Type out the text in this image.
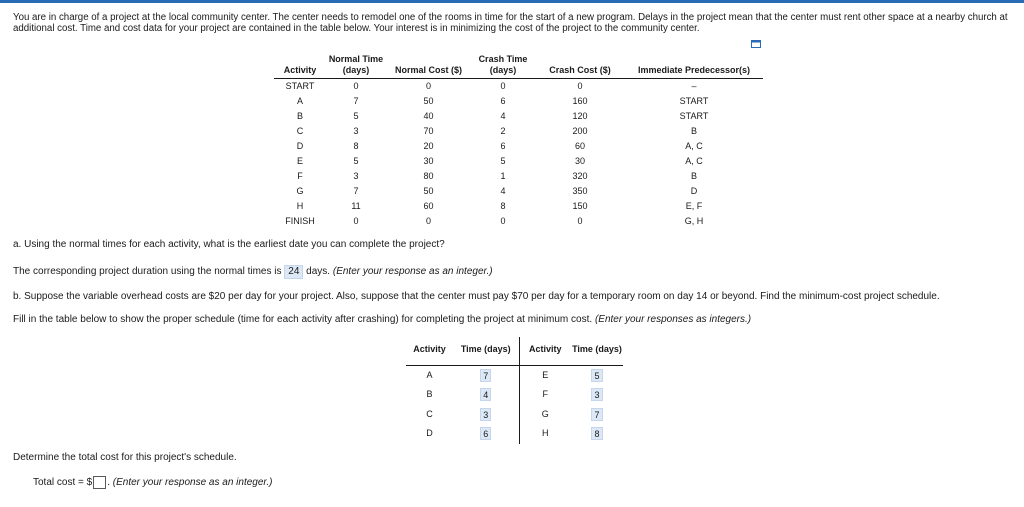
You are in charge of a project at the local community center. The center needs to remodel one of the rooms in time for the start of a new program. Delays in the project mean that the center must rent other space at a nearby church at additional cost. Time and cost data for your project are contained in the table below. Your interest is in minimizing the cost of the project to the community center.
Activity	Normal Time (days)	Normal Cost ($)	Crash Time (days)	Crash Cost ($)	Immediate Predecessor(s)
START	0	0	0	0	–
A	7	50	6	160	START
B	5	40	4	120	START
C	3	70	2	200	B
D	8	20	6	60	A, C
E	5	30	5	30	A, C
F	3	80	1	320	B
G	7	50	4	350	D
H	11	60	8	150	E, F
FINISH	0	0	0	0	G, H
a. Using the normal times for each activity, what is the earliest date you can complete the project?
The corresponding project duration using the normal times is 24 days. (Enter your response as an integer.)
b. Suppose the variable overhead costs are $20 per day for your project. Also, suppose that the center must pay $70 per day for a temporary room on day 14 or beyond. Find the minimum-cost project schedule.
Fill in the table below to show the proper schedule (time for each activity after crashing) for completing the project at minimum cost. (Enter your responses as integers.)
Activity	Time (days)	Activity	Time (days)
A	7	E	5
B	4	F	3
C	3	G	7
D	6	H	8
Determine the total cost for this project's schedule.
Total cost = $ . (Enter your response as an integer.)
